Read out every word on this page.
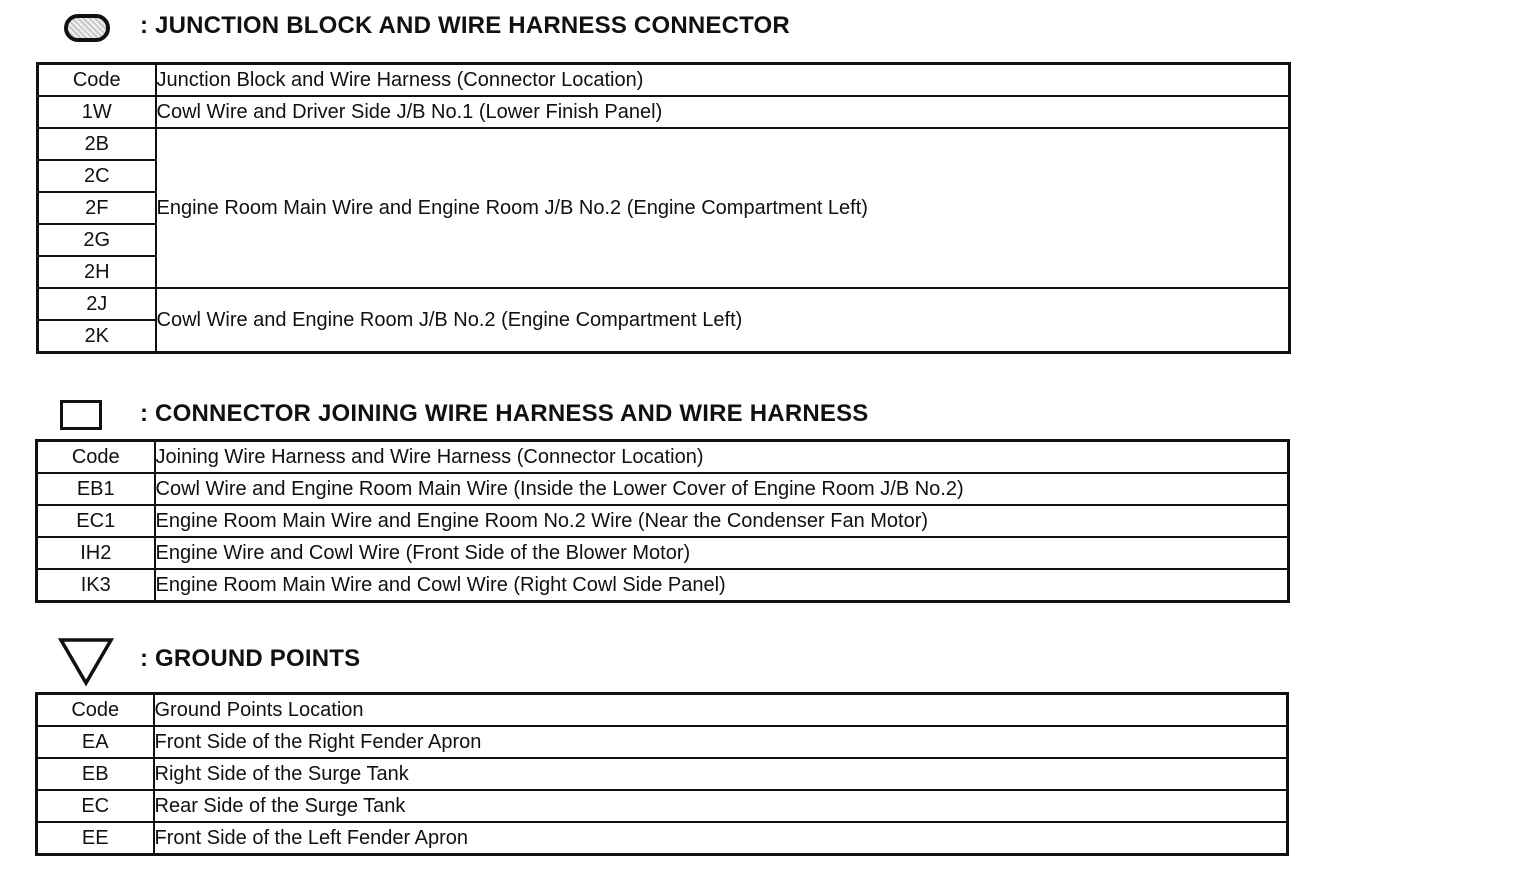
: JUNCTION BLOCK AND WIRE HARNESS CONNECTOR
Code	Junction Block and Wire Harness (Connector Location)
1W	Cowl Wire and Driver Side J/B No.1 (Lower Finish Panel)
2B	Engine Room Main Wire and Engine Room J/B No.2 (Engine Compartment Left)
2C	
2F	
2G	
2H	
2J	Cowl Wire and Engine Room J/B No.2 (Engine Compartment Left)
2K	
: CONNECTOR JOINING WIRE HARNESS AND WIRE HARNESS
Code	Joining Wire Harness and Wire Harness (Connector Location)
EB1	Cowl Wire and Engine Room Main Wire (Inside the Lower Cover of Engine Room J/B No.2)
EC1	Engine Room Main Wire and Engine Room No.2 Wire (Near the Condenser Fan Motor)
IH2	Engine Wire and Cowl Wire (Front Side of the Blower Motor)
IK3	Engine Room Main Wire and Cowl Wire (Right Cowl Side Panel)
: GROUND POINTS
Code	Ground Points Location
EA	Front Side of the Right Fender Apron
EB	Right Side of the Surge Tank
EC	Rear Side of the Surge Tank
EE	Front Side of the Left Fender Apron
